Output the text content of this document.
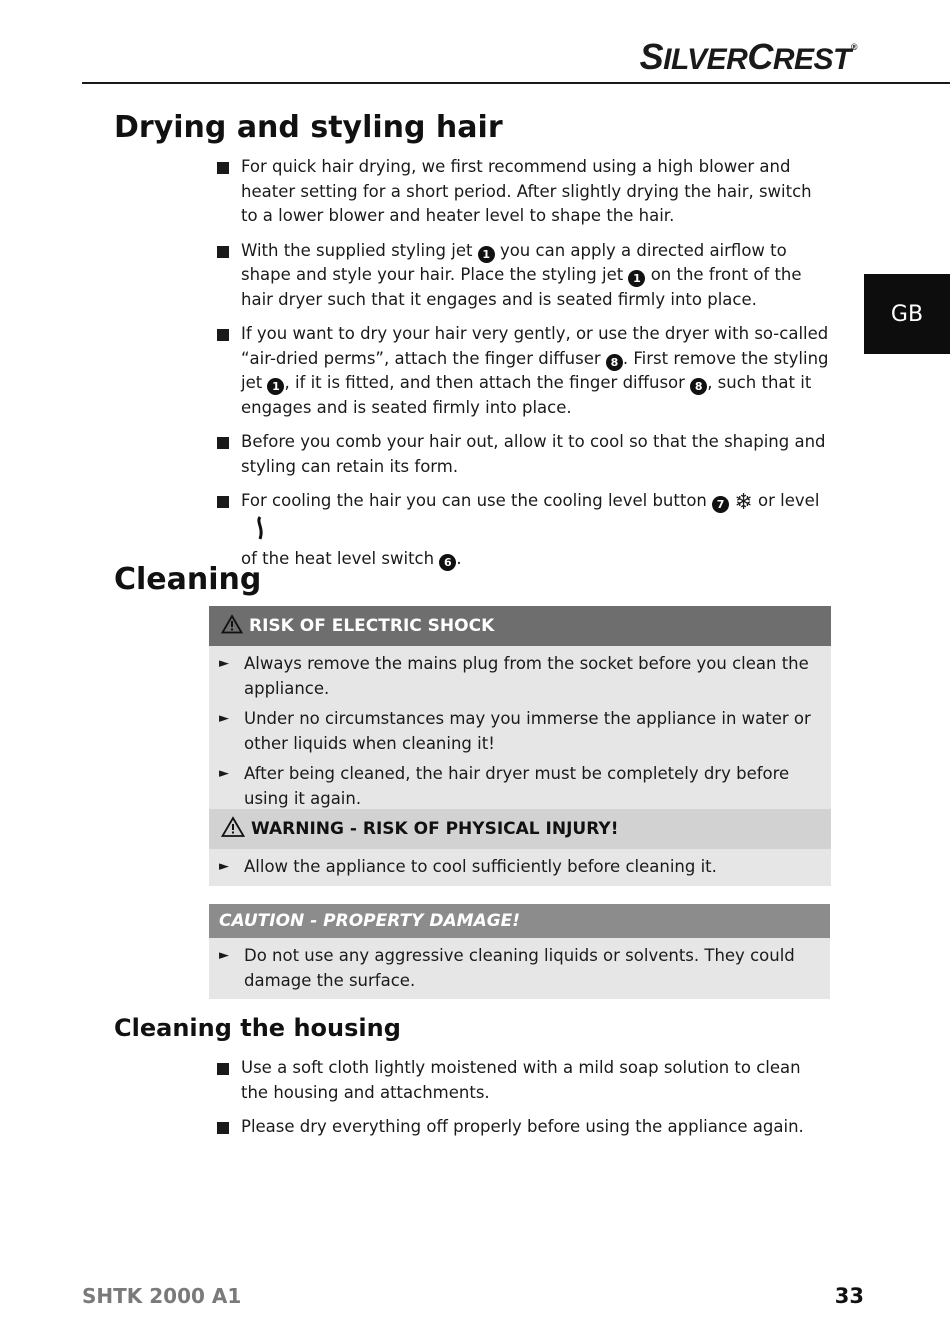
SILVERCREST®
GB
Drying and styling hair
For quick hair drying, we first recommend using a high blower and heater setting for a short period. After slightly drying the hair, switch to a lower blower and heater level to shape the hair.
With the supplied styling jet 1 you can apply a directed airflow to shape and style your hair. Place the styling jet 1 on the front of the hair dryer such that it engages and is seated firmly into place.
If you want to dry your hair very gently, or use the dryer with so-called “air-dried perms”, attach the finger diffuser 8 . First remove the styling jet 1 , if it is fitted, and then attach the finger diffusor 8 , such that it engages and is seated firmly into place.
Before you comb your hair out, allow it to cool so that the shaping and styling can retain its form.
For cooling the hair you can use the cooling level button 7 ❄ or level
of the heat level switch 6 .
Cleaning
RISK OF ELECTRIC SHOCK
► Always remove the mains plug from the socket before you clean the appliance.
► Under no circumstances may you immerse the appliance in water or other liquids when cleaning it!
► After being cleaned, the hair dryer must be completely dry before using it again.
WARNING - RISK OF PHYSICAL INJURY!
► Allow the appliance to cool sufficiently before cleaning it.
CAUTION - PROPERTY DAMAGE!
► Do not use any aggressive cleaning liquids or solvents. They could damage the surface.
Cleaning the housing
Use a soft cloth lightly moistened with a mild soap solution to clean the housing and attachments.
Please dry everything off properly before using the appliance again.
SHTK 2000 A1	33
